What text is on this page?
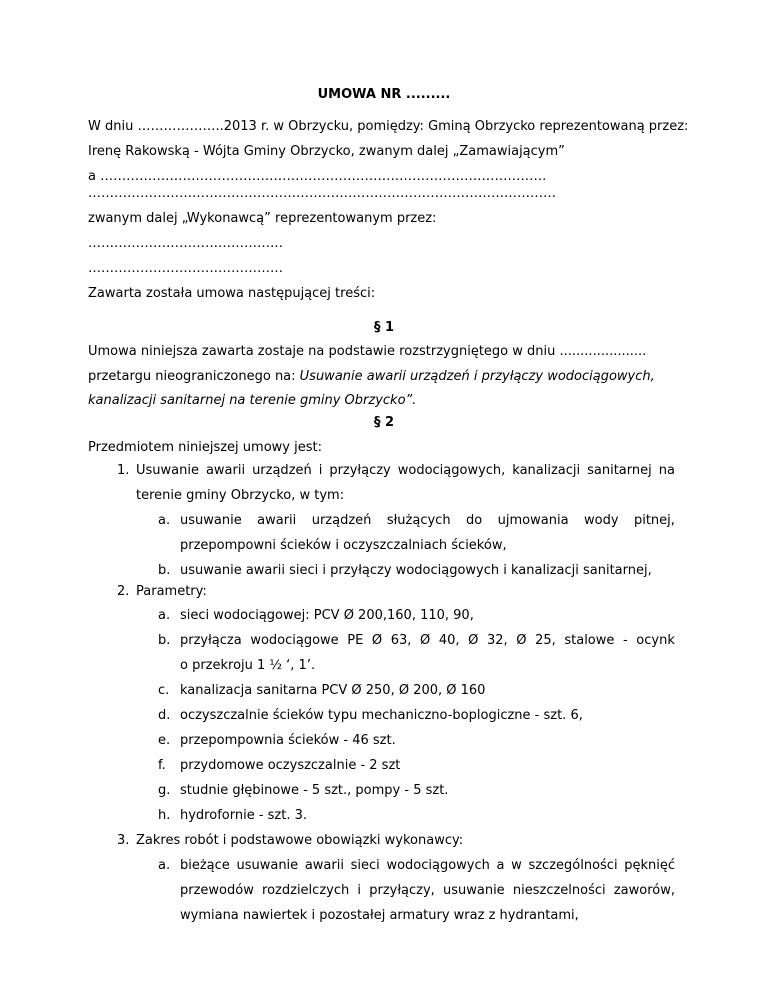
UMOWA NR .........
W dniu ………………..2013 r. w Obrzycku, pomiędzy: Gminą Obrzycko reprezentowaną przez:
Irenę Rakowską - Wójta Gminy Obrzycko, zwanym dalej „Zamawiającym”
a ………………………………………………………………………………………….
………………………………………………………………………………………………
zwanym dalej „Wykonawcą” reprezentowanym przez:
………………………………………
………………………………………
Zawarta została umowa następującej treści:
§ 1
Umowa niniejsza zawarta zostaje na podstawie rozstrzygniętego w dniu .....................
przetargu nieograniczonego na: Usuwanie awarii urządzeń i przyłączy wodociągowych,
kanalizacji sanitarnej na terenie gminy Obrzycko”.
§ 2
Przedmiotem niniejszej umowy jest:
1. Usuwanie awarii urządzeń i przyłączy wodociągowych, kanalizacji sanitarnej na
terenie gminy Obrzycko, w tym:
a. usuwanie awarii urządzeń służących do ujmowania wody pitnej,
przepompowni ścieków i oczyszczalniach ścieków,
b. usuwanie awarii sieci i przyłączy wodociągowych i kanalizacji sanitarnej,
2. Parametry:
a. sieci wodociągowej: PCV Ø 200,160, 110, 90,
b. przyłącza wodociągowe PE Ø 63, Ø 40, Ø 32, Ø 25, stalowe - ocynk
o przekroju 1 ½ ‘, 1’.
c. kanalizacja sanitarna PCV Ø 250, Ø 200, Ø 160
d. oczyszczalnie ścieków typu mechaniczno-boplogiczne - szt. 6,
e. przepompownia ścieków - 46 szt.
f. przydomowe oczyszczalnie - 2 szt
g. studnie głębinowe - 5 szt., pompy - 5 szt.
h. hydrofornie - szt. 3.
3. Zakres robót i podstawowe obowiązki wykonawcy:
a. bieżące usuwanie awarii sieci wodociągowych a w szczególności pęknięć
przewodów rozdzielczych i przyłączy, usuwanie nieszczelności zaworów,
wymiana nawiertek i pozostałej armatury wraz z hydrantami,
